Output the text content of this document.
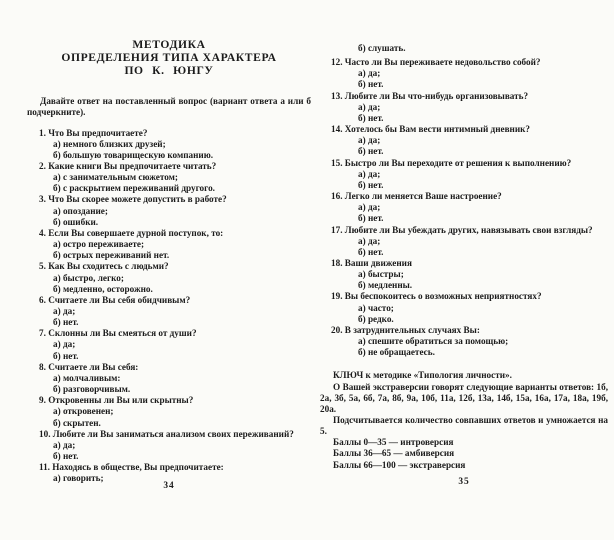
МЕТОДИКА
ОПРЕДЕЛЕНИЯ ТИПА ХАРАКТЕРА
ПО К. ЮНГУ

Давайте ответ на поставленный вопрос (вариант ответа а или б подчеркните).

1. Что Вы предпочитаете?
а) немного близких друзей;
б) большую товарищескую компанию.
2. Какие книги Вы предпочитаете читать?
а) с занимательным сюжетом;
б) с раскрытием переживаний другого.
3. Что Вы скорее можете допустить в работе?
а) опоздание;
б) ошибки.
4. Если Вы совершаете дурной поступок, то:
а) остро переживаете;
б) острых переживаний нет.
5. Как Вы сходитесь с людьми?
а) быстро, легко;
б) медленно, осторожно.
6. Считаете ли Вы себя обидчивым?
а) да;
б) нет.
7. Склонны ли Вы смеяться от души?
а) да;
б) нет.
8. Считаете ли Вы себя:
а) молчаливым:
б) разговорчивым.
9. Откровенны ли Вы или скрытны?
а) откровенен;
б) скрытен.
10. Любите ли Вы заниматься анализом своих переживаний?
а) да;
б) нет.
11. Находясь в обществе, Вы предпочитаете:
а) говорить;
б) слушать.
12. Часто ли Вы переживаете недовольство собой?
а) да;
б) нет.
13. Любите ли Вы что-нибудь организовывать?
а) да;
б) нет.
14. Хотелось бы Вам вести интимный дневник?
а) да;
б) нет.
15. Быстро ли Вы переходите от решения к выполнению?
а) да;
б) нет.
16. Легко ли меняется Ваше настроение?
а) да;
б) нет.
17. Любите ли Вы убеждать других, навязывать свои взгляды?
а) да;
б) нет.
18. Ваши движения
а) быстры;
б) медленны.
19. Вы беспокоитесь о возможных неприятностях?
а) часто;
б) редко.
20. В затруднительных случаях Вы:
а) спешите обратиться за помощью;
б) не обращаетесь.
КЛЮЧ к методике «Типология личности».
О Вашей экстраверсии говорят следующие варианты ответов: 1б, 2а, 3б, 5а, 6б, 7а, 8б, 9а, 10б, 11а, 12б, 13а, 14б, 15а, 16а, 17а, 18а, 19б, 20а.
Подсчитывается количество совпавших ответов и умножается на 5.
Баллы 0—35 — интроверсия
Баллы 36—65 — амбиверсия
Баллы 66—100 — экстраверсия
34	35
